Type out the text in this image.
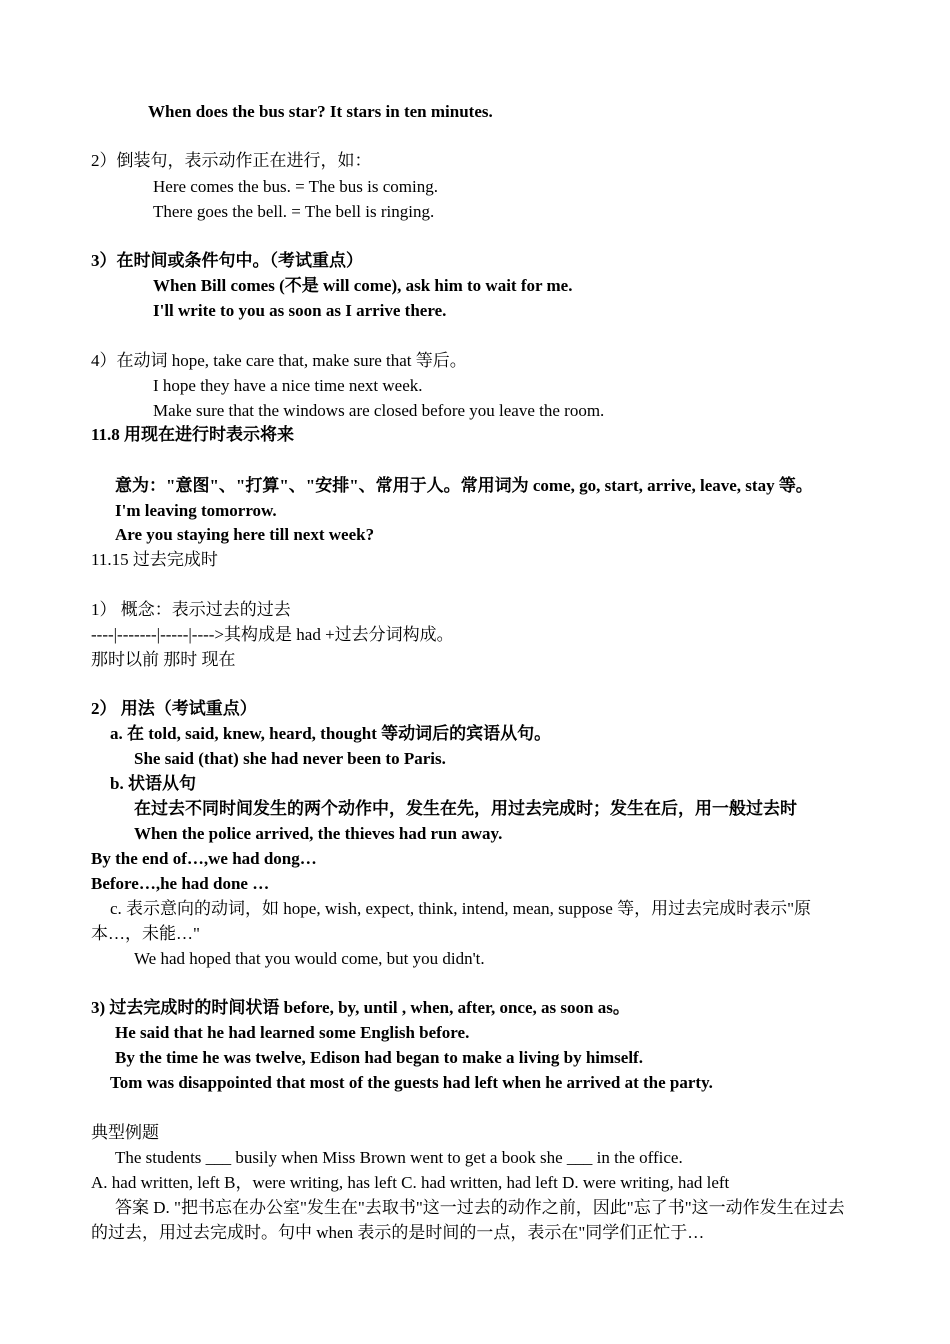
When does the bus star? It stars in ten minutes.
2）倒装句，表示动作正在进行，如：
Here comes the bus. = The bus is coming.
There goes the bell. = The bell is ringing.
3）在时间或条件句中。（考试重点）
When Bill comes (不是 will come), ask him to wait for me.
I'll write to you as soon as I arrive there.
4）在动词 hope, take care that, make sure that 等后。
I hope they have a nice time next week.
Make sure that the windows are closed before you leave the room.
11.8 用现在进行时表示将来
意为："意图"、"打算"、"安排"、常用于人。常用词为 come, go, start, arrive, leave, stay 等。
I'm leaving tomorrow.
Are you staying here till next week?
11.15 过去完成时
1） 概念：表示过去的过去
----|-------|-----|---->其构成是 had +过去分词构成。
那时以前 那时 现在
2） 用法（考试重点）
a. 在 told, said, knew, heard, thought 等动词后的宾语从句。
She said (that) she had never been to Paris.
b. 状语从句
在过去不同时间发生的两个动作中，发生在先，用过去完成时；发生在后，用一般过去时
When the police arrived, the thieves had run away.
By the end of…,we had dong…
Before…,he had done …
c. 表示意向的动词，如 hope, wish, expect, think, intend, mean, suppose 等，用过去完成时表示"原本…，未能…"
We had hoped that you would come, but you didn't.
3) 过去完成时的时间状语 before, by, until , when, after, once, as soon as。
He said that he had learned some English before.
By the time he was twelve, Edison had began to make a living by himself.
Tom was disappointed that most of the guests had left when he arrived at the party.
典型例题
The students ___ busily when Miss Brown went to get a book she ___ in the office.
A. had written, left B，were writing, has left C. had written, had left D. were writing, had left
答案 D. "把书忘在办公室"发生在"去取书"这一过去的动作之前，因此"忘了书"这一动作发生在过去的过去，用过去完成时。句中 when 表示的是时间的一点，表示在"同学们正忙于…
